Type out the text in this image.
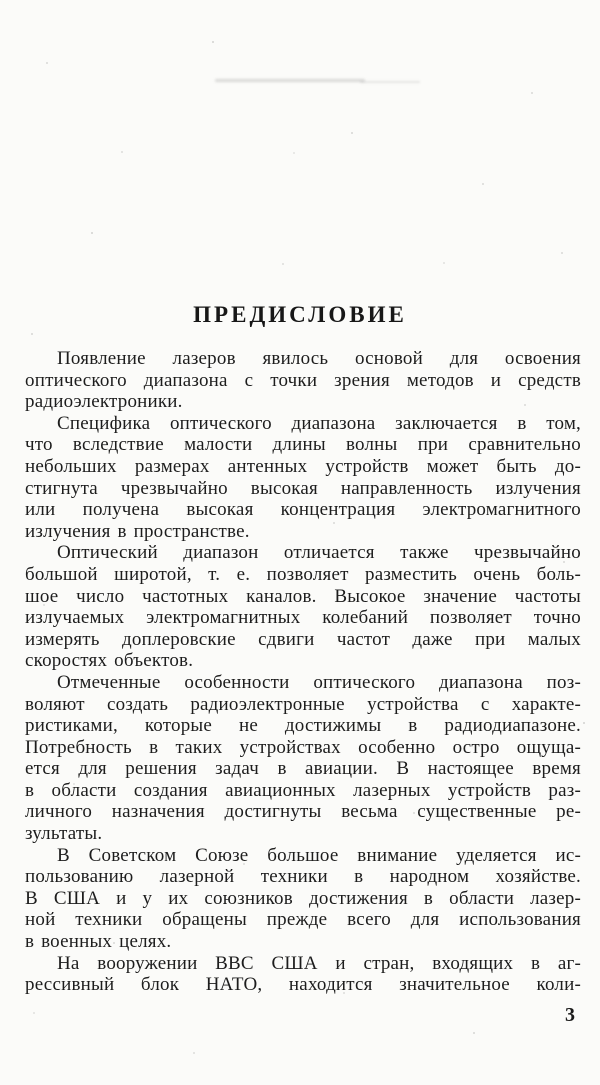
ПРЕДИСЛОВИЕ
Появление лазеров явилось основой для освоения
оптического диапазона с точки зрения методов и средств
радиоэлектроники.
Специфика оптического диапазона заключается в том,
что вследствие малости длины волны при сравнительно
небольших размерах антенных устройств может быть до-
стигнута чрезвычайно высокая направленность излучения
или получена высокая концентрация электромагнитного
излучения в пространстве.
Оптический диапазон отличается также чрезвычайно
большой широтой, т. е. позволяет разместить очень боль-
шое число частотных каналов. Высокое значение частоты
излучаемых электромагнитных колебаний позволяет точно
измерять доплеровские сдвиги частот даже при малых
скоростях объектов.
Отмеченные особенности оптического диапазона поз-
воляют создать радиоэлектронные устройства с характе-
ристиками, которые не достижимы в радиодиапазоне.
Потребность в таких устройствах особенно остро ощуща-
ется для решения задач в авиации. В настоящее время
в области создания авиационных лазерных устройств раз-
личного назначения достигнуты весьма существенные ре-
зультаты.
В Советском Союзе большое внимание уделяется ис-
пользованию лазерной техники в народном хозяйстве.
В США и у их союзников достижения в области лазер-
ной техники обращены прежде всего для использования
в военных целях.
На вооружении ВВС США и стран, входящих в аг-
рессивный блок НАТО, находится значительное коли-
3
